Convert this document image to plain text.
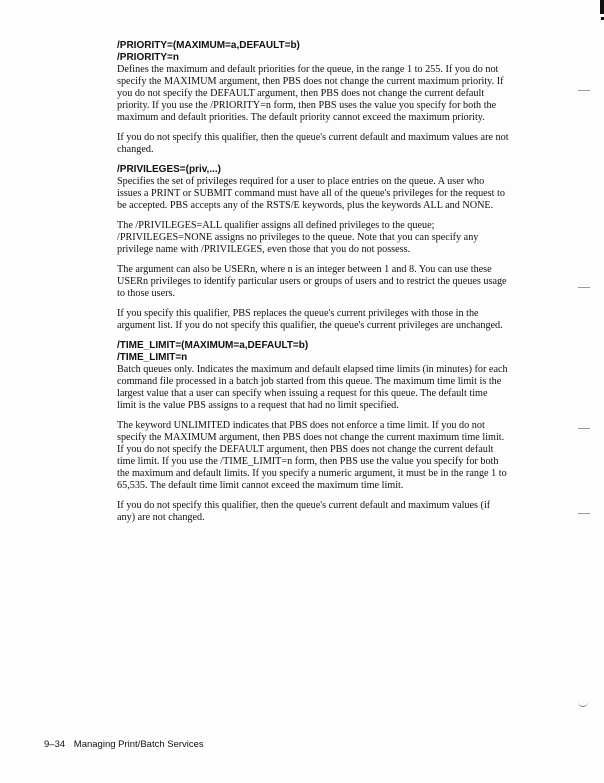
/PRIORITY=(MAXIMUM=a,DEFAULT=b)

/PRIORITY=n

Defines the maximum and default priorities for the queue, in the range 1 to 255. If you do not specify the MAXIMUM argument, then PBS does not change the current maximum priority. If you do not specify the DEFAULT argument, then PBS does not change the current default priority. If you use the /PRIORITY=n form, then PBS uses the value you specify for both the maximum and default priorities. The default priority cannot exceed the maximum priority.

If you do not specify this qualifier, then the queue's current default and maximum values are not changed.

/PRIVILEGES=(priv,...)

Specifies the set of privileges required for a user to place entries on the queue. A user who issues a PRINT or SUBMIT command must have all of the queue's privileges for the request to be accepted. PBS accepts any of the RSTS/E keywords, plus the keywords ALL and NONE.

The /PRIVILEGES=ALL qualifier assigns all defined privileges to the queue; /PRIVILEGES=NONE assigns no privileges to the queue. Note that you can specify any privilege name with /PRIVILEGES, even those that you do not possess.

The argument can also be USERn, where n is an integer between 1 and 8. You can use these USERn privileges to identify particular users or groups of users and to restrict the queues usage to those users.

If you specify this qualifier, PBS replaces the queue's current privileges with those in the argument list. If you do not specify this qualifier, the queue's current privileges are unchanged.

/TIME_LIMIT=(MAXIMUM=a,DEFAULT=b)

/TIME_LIMIT=n

Batch queues only. Indicates the maximum and default elapsed time limits (in minutes) for each command file processed in a batch job started from this queue. The maximum time limit is the largest value that a user can specify when issuing a request for this queue. The default time limit is the value PBS assigns to a request that had no limit specified.

The keyword UNLIMITED indicates that PBS does not enforce a time limit. If you do not specify the MAXIMUM argument, then PBS does not change the current maximum time limit. If you do not specify the DEFAULT argument, then PBS does not change the current default time limit. If you use the /TIME_LIMIT=n form, then PBS use the value you specify for both the maximum and default limits. If you specify a numeric argument, it must be in the range 1 to 65,535. The default time limit cannot exceed the maximum time limit.

If you do not specify this qualifier, then the queue's current default and maximum values (if any) are not changed.

9–34 Managing Print/Batch Services
